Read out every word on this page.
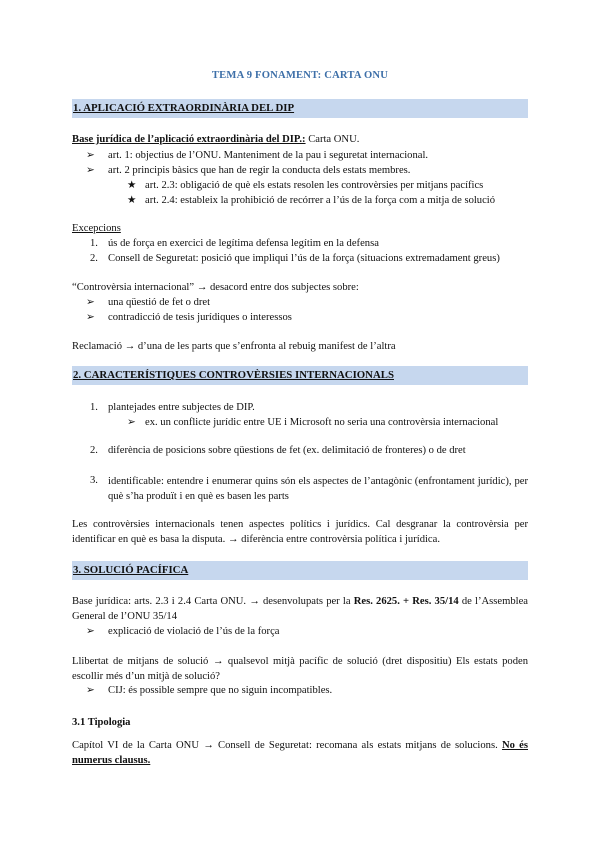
TEMA 9 FONAMENT: CARTA ONU
1. APLICACIÓ EXTRAORDINÀRIA DEL DIP
Base jurídica de l’aplicació extraordinària del DIP.: Carta ONU.
➢ art. 1: objectius de l’ONU. Manteniment de la pau i seguretat internacional.
➢ art. 2 principis bàsics que han de regir la conducta dels estats membres.
★ art. 2.3: obligació de què els estats resolen les controvèrsies per mitjans pacífics
★ art. 2.4: estableix la prohibició de recórrer a l’ús de la força com a mitja de solució
Excepcions
1. ús de força en exercici de legítima defensa legítim en la defensa
2. Consell de Seguretat: posició que impliqui l’ús de la força (situacions extremadament greus)
“Controvèrsia internacional” → desacord entre dos subjectes sobre:
➢ una qüestió de fet o dret
➢ contradicció de tesis jurídiques o interessos
Reclamació → d’una de les parts que s’enfronta al rebuig manifest de l’altra
2. CARACTERÍSTIQUES CONTROVÈRSIES INTERNACIONALS
1. plantejades entre subjectes de DIP.
➢ ex. un conflicte jurídic entre UE i Microsoft no seria una controvèrsia internacional
2. diferència de posicions sobre qüestions de fet (ex. delimitació de fronteres) o de dret
3. identificable: entendre i enumerar quins són els aspectes de l’antagònic (enfrontament jurídic), per què s’ha produït i en què es basen les parts
Les controvèrsies internacionals tenen aspectes polítics i jurídics. Cal desgranar la controvèrsia per identificar en què es basa la disputa. → diferència entre controvèrsia política i jurídica.
3. SOLUCIÓ PACÍFICA
Base jurídica: arts. 2.3 i 2.4 Carta ONU. → desenvolupats per la Res. 2625. + Res. 35/14 de l’Assemblea General de l’ONU 35/14
➢ explicació de violació de l’ús de la força
Llibertat de mitjans de solució → qualsevol mitjà pacífic de solució (dret dispositiu) Els estats poden escollir més d’un mitjà de solució?
➢ CIJ: és possible sempre que no siguin incompatibles.
3.1 Tipologia
Capítol VI de la Carta ONU → Consell de Seguretat: recomana als estats mitjans de solucions. No és numerus clausus.
